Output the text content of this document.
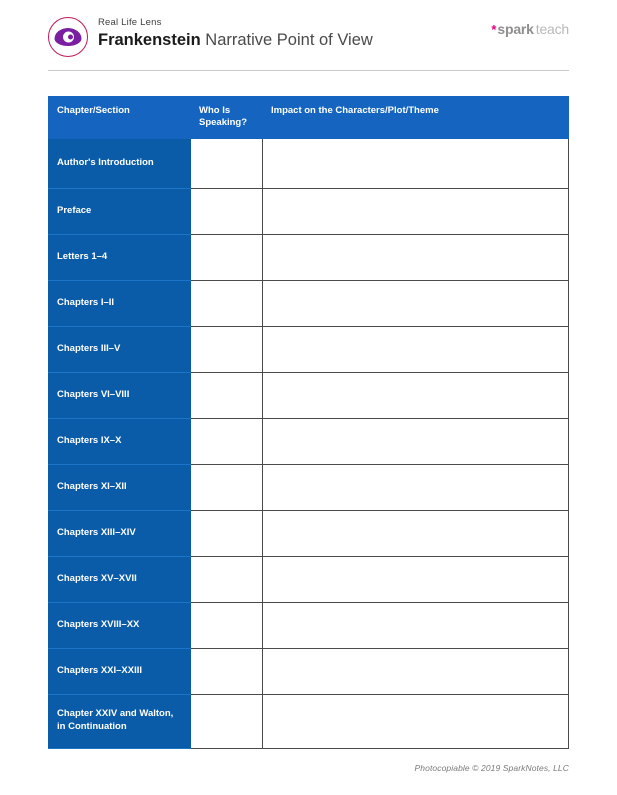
Real Life Lens

Frankenstein Narrative Point of View
* spark teach
Chapter/Section	Who Is Speaking?	Impact on the Characters/Plot/Theme
Author's Introduction		
Preface		
Letters 1–4		
Chapters I–II		
Chapters III–V		
Chapters VI–VIII		
Chapters IX–X		
Chapters XI–XII		
Chapters XIII–XIV		
Chapters XV–XVII		
Chapters XVIII–XX		
Chapters XXI–XXIII		
Chapter XXIV and Walton, in Continuation		
Photocopiable © 2019 SparkNotes, LLC
